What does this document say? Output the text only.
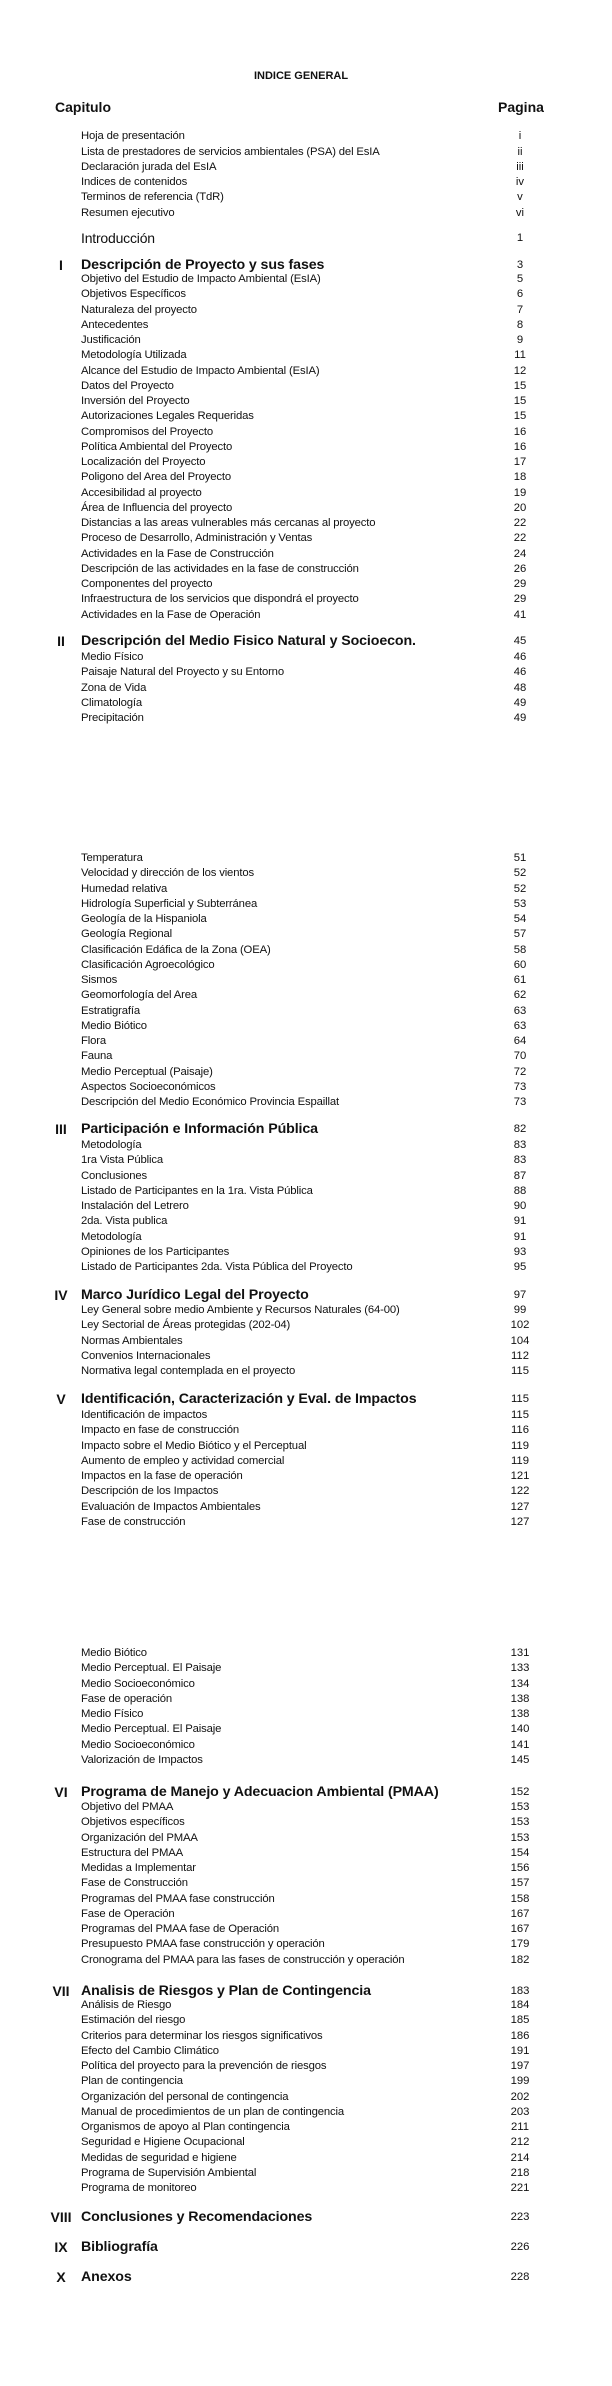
INDICE GENERAL
Capitulo	Pagina
Hoja de presentación	i
Lista de prestadores de servicios ambientales (PSA) del EsIA	ii
Declaración jurada del EsIA	iii
Indices de contenidos	iv
Terminos de referencia (TdR)	v
Resumen ejecutivo	vi
Introducción	1
I	Descripción de Proyecto y sus fases	3
Objetivo del Estudio de Impacto Ambiental (EsIA)	5
Objetivos Específicos	6
Naturaleza del proyecto	7
Antecedentes	8
Justificación	9
Metodología Utilizada	11
Alcance del Estudio de Impacto Ambiental (EsIA)	12
Datos del Proyecto	15
Inversión del Proyecto	15
Autorizaciones Legales Requeridas	15
Compromisos del Proyecto	16
Política Ambiental del Proyecto	16
Localización del Proyecto	17
Poligono del Area del Proyecto	18
Accesibilidad al proyecto	19
Área de Influencia del proyecto	20
Distancias a las areas vulnerables más cercanas al proyecto	22
Proceso de Desarrollo, Administración y Ventas	22
Actividades en la Fase de Construcción	24
Descripción de las actividades en la fase de construcción	26
Componentes del proyecto	29
Infraestructura de los servicios que dispondrá el proyecto	29
Actividades en la Fase de Operación	41
II	Descripción del Medio Fisico Natural y Socioecon.	45
Medio Físico	46
Paisaje Natural del Proyecto y su Entorno	46
Zona de Vida	48
Climatología	49
Precipitación	49
Temperatura	51
Velocidad y dirección de los vientos	52
Humedad relativa	52
Hidrología Superficial y Subterránea	53
Geología de la Hispaniola	54
Geología Regional	57
Clasificación Edáfica de la Zona (OEA)	58
Clasificación Agroecológico	60
Sismos	61
Geomorfología del Area	62
Estratigrafía	63
Medio Biótico	63
Flora	64
Fauna	70
Medio Perceptual (Paisaje)	72
Aspectos Socioeconómicos	73
Descripción del Medio Económico Provincia Espaillat	73
III Participación e Información Pública	82
Metodología	83
1ra Vista Pública	83
Conclusiones	87
Listado de Participantes en la 1ra. Vista Pública	88
Instalación del Letrero	90
2da. Vista publica	91
Metodología	91
Opiniones de los Participantes	93
Listado de Participantes 2da. Vista Pública del Proyecto	95
IV Marco Jurídico Legal del Proyecto	97
Ley General sobre medio Ambiente y Recursos Naturales (64-00)	99
Ley Sectorial de Áreas protegidas (202-04)	102
Normas Ambientales	104
Convenios Internacionales	112
Normativa legal contemplada en el proyecto	115
V	Identificación, Caracterización y Eval. de Impactos	115
Identificación de impactos	115
Impacto en fase de construcción	116
Impacto sobre el Medio Biótico y el Perceptual	119
Aumento de empleo y actividad comercial	119
Impactos en la fase de operación	121
Descripción de los Impactos	122
Evaluación de Impactos Ambientales	127
Fase de construcción	127
Medio Biótico	131
Medio Perceptual. El Paisaje	133
Medio Socioeconómico	134
Fase de operación	138
Medio Físico	138
Medio Perceptual. El Paisaje	140
Medio Socioeconómico	141
Valorización de Impactos	145
VI Programa de Manejo y Adecuacion Ambiental (PMAA)	152
Objetivo del PMAA	153
Objetivos específicos	153
Organización del PMAA	153
Estructura del PMAA	154
Medidas a Implementar	156
Fase de Construcción	157
Programas del PMAA fase construcción	158
Fase de Operación	167
Programas del PMAA fase de Operación	167
Presupuesto PMAA fase construcción y operación	179
Cronograma del PMAA para las fases de construcción y operación	182
VII Analisis de Riesgos y Plan de Contingencia	183
Análisis de Riesgo	184
Estimación del riesgo	185
Criterios para determinar los riesgos significativos	186
Efecto del Cambio Climático	191
Política del proyecto para la prevención de riesgos	197
Plan de contingencia	199
Organización del personal de contingencia	202
Manual de procedimientos de un plan de contingencia	203
Organismos de apoyo al Plan contingencia	211
Seguridad e Higiene Ocupacional	212
Medidas de seguridad e higiene	214
Programa de Supervisión Ambiental	218
Programa de monitoreo	221
VIII Conclusiones y Recomendaciones	223
IX Bibliografía	226
X	Anexos	228
